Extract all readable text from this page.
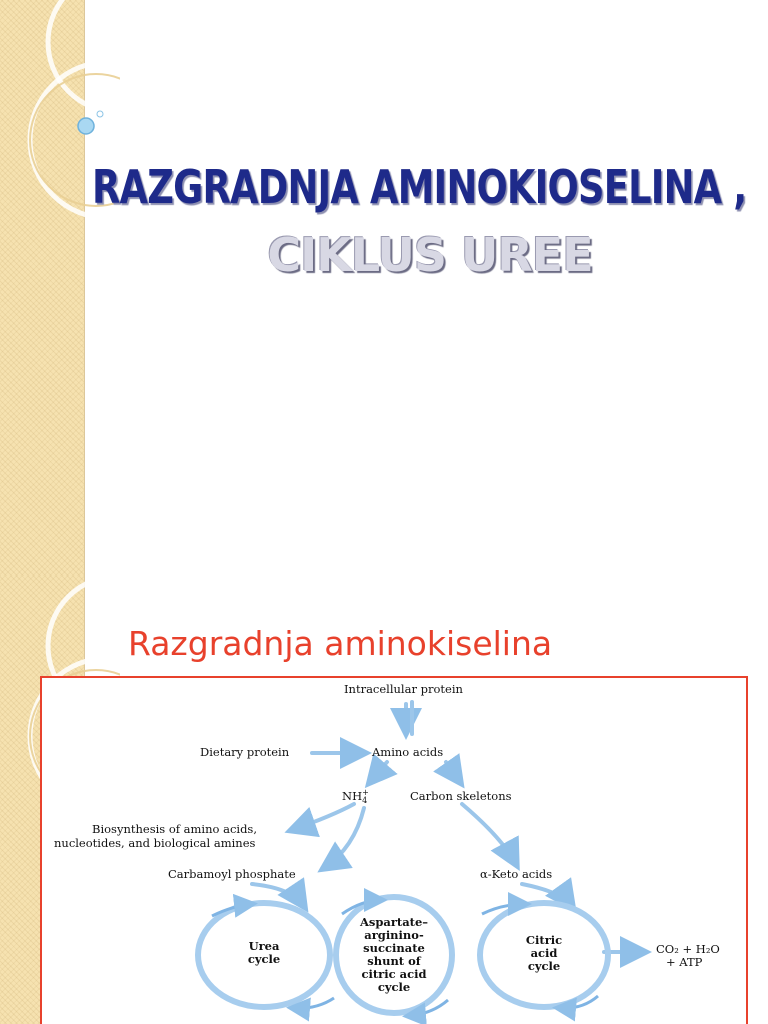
RAZGRADNJA AMINOKIOSELINA ,
CIKLUS UREE
Razgradnja aminokiselina
Intracellular protein
Dietary protein	Amino acids
NH +
4	Carbon skeletons
Biosynthesis of amino acids,
nucleotides, and biological amines
Carbamoyl phosphate	α-Keto acids
Urea
cycle
Aspartate–
arginino-
succinate
shunt of
citric acid
cycle
Citric
acid
cycle
CO₂ + H₂O
+ ATP
